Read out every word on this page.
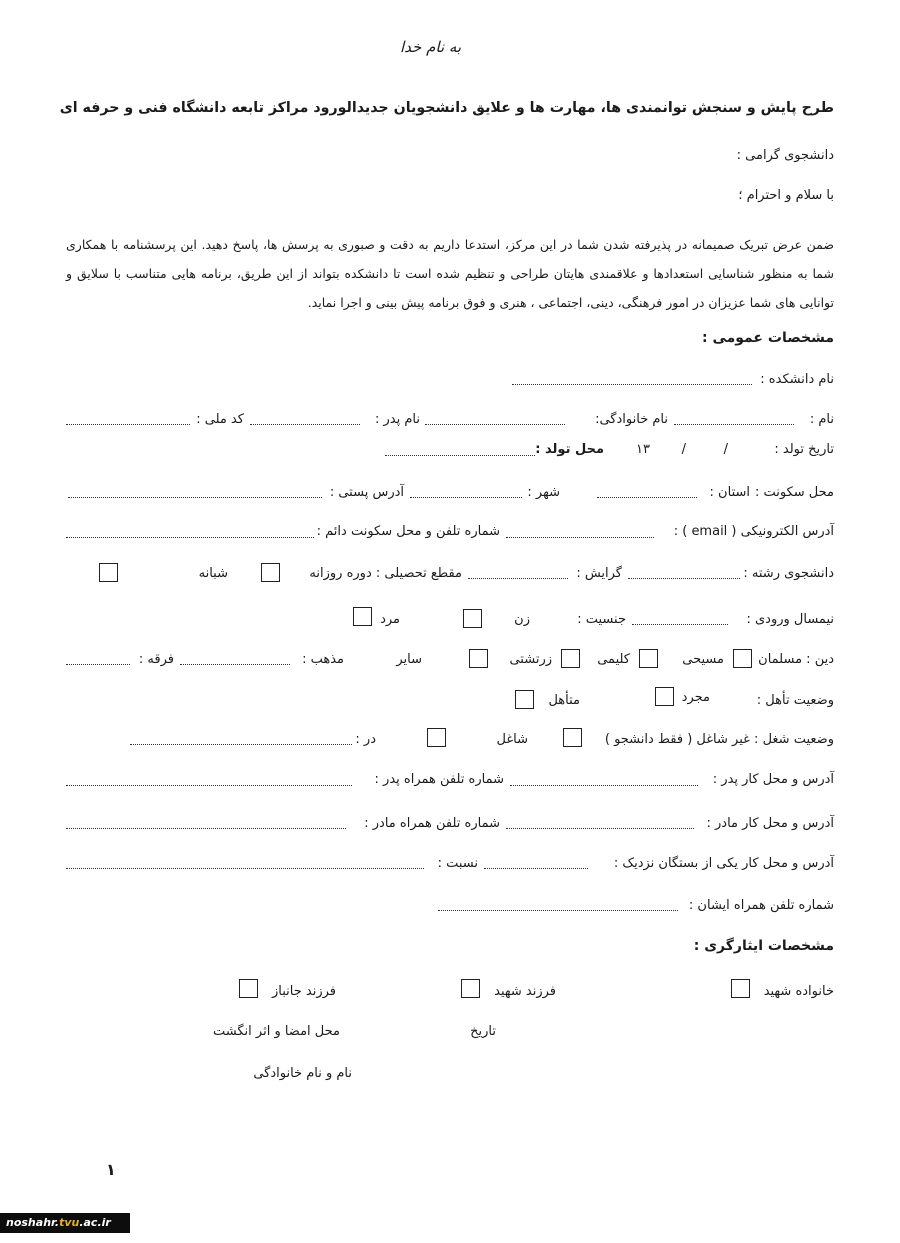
به نام خدا
طرح پایش و سنجش توانمندی ها، مهارت ها و علایق دانشجویان جدیدالورود مراکز تابعه دانشگاه فنی و حرفه ای
دانشجوی گرامی :
با سلام و احترام ؛
ضمن عرض تبریک صمیمانه در پذیرفته شدن شما در این مرکز، استدعا داریم به دقت و صبوری به پرسش ها، پاسخ دهید. این پرسشنامه با همکاری شما به منظور شناسایی استعدادها و علاقمندی هایتان طراحی و تنظیم شده است تا دانشکده بتواند از این طریق، برنامه هایی متناسب با سلایق و توانایی های شما عزیزان در امور فرهنگی، دینی، اجتماعی ، هنری و فوق برنامه پیش بینی و اجرا نماید.
مشخصات عمومی :
نام دانشکده :
نام :
نام خانوادگی:
نام پدر :
کد ملی :
تاریخ تولد :
/
/
۱۳
محل تولد :
محل سکونت :
استان :
شهر :
آدرس پستی :
آدرس الکترونیکی ( email ) :
شماره تلفن و محل سکونت دائم :
دانشجوی رشته :
گرایش :
مقطع تحصیلی : دوره روزانه
شبانه
نیمسال ورودی :
جنسیت :
زن
مرد
دین : مسلمان
مسیحی
کلیمی
زرتشتی
سایر
مذهب :
فرقه :
وضعیت تأهل :
مجرد
متأهل
وضعیت شغل : غیر شاغل ( فقط دانشجو )
شاغل
در :
آدرس و محل کار پدر :
شماره تلفن همراه پدر :
آدرس و محل کار مادر :
شماره تلفن همراه مادر :
آدرس و محل کار یکی از بستگان نزدیک :
نسبت :
شماره تلفن همراه ایشان :
مشخصات ایثارگری :
خانواده شهید
فرزند شهید
فرزند جانباز
تاریخ
محل امضا و اثر انگشت
نام و نام خانوادگی
۱
noshahr.tvu.ac.ir
